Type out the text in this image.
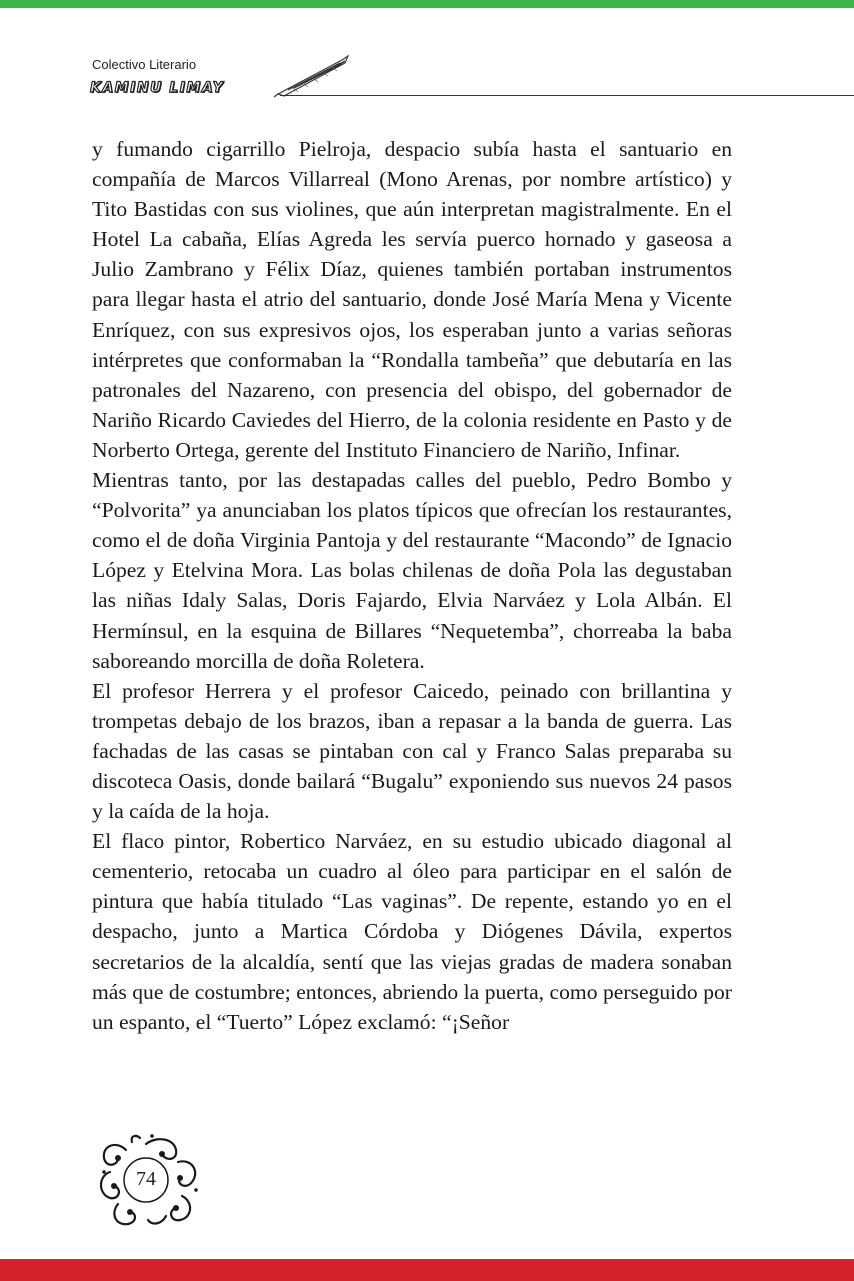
Colectivo Literario
KAMINU LIMAY

y fumando cigarrillo Pielroja, despacio subía hasta el santuario en compañía de Marcos Villarreal (Mono Arenas, por nombre artístico) y Tito Bastidas con sus violines, que aún interpretan magistralmente. En el Hotel La cabaña, Elías Agreda les servía puerco hornado y gaseosa a Julio Zambrano y Félix Díaz, quienes también portaban instrumentos para llegar hasta el atrio del santuario, donde José María Mena y Vicente Enríquez, con sus expresivos ojos, los esperaban junto a varias señoras intérpretes que conformaban la “Rondalla tambeña” que debutaría en las patronales del Nazareno, con presencia del obispo, del gobernador de Nariño Ricardo Caviedes del Hierro, de la colonia residente en Pasto y de Norberto Ortega, gerente del Instituto Financiero de Nariño, Infinar.

Mientras tanto, por las destapadas calles del pueblo, Pedro Bombo y “Polvorita” ya anunciaban los platos típicos que ofrecían los restaurantes, como el de doña Virginia Pantoja y del restaurante “Macondo” de Ignacio López y Etelvina Mora. Las bolas chilenas de doña Pola las degustaban las niñas Idaly Salas, Doris Fajardo, Elvia Narváez y Lola Albán. El Hermínsul, en la esquina de Billares “Nequetemba”, chorreaba la baba saboreando morcilla de doña Roletera.

El profesor Herrera y el profesor Caicedo, peinado con brillantina y trompetas debajo de los brazos, iban a repasar a la banda de guerra. Las fachadas de las casas se pintaban con cal y Franco Salas preparaba su discoteca Oasis, donde bailará “Bugalu” exponiendo sus nuevos 24 pasos y la caída de la hoja.

El flaco pintor, Robertico Narváez, en su estudio ubicado diagonal al cementerio, retocaba un cuadro al óleo para participar en el salón de pintura que había titulado “Las vaginas”. De repente, estando yo en el despacho, junto a Martica Córdoba y Diógenes Dávila, expertos secretarios de la alcaldía, sentí que las viejas gradas de madera sonaban más que de costumbre; entonces, abriendo la puerta, como perseguido por un espanto, el “Tuerto” López exclamó: “¡Señor

74
